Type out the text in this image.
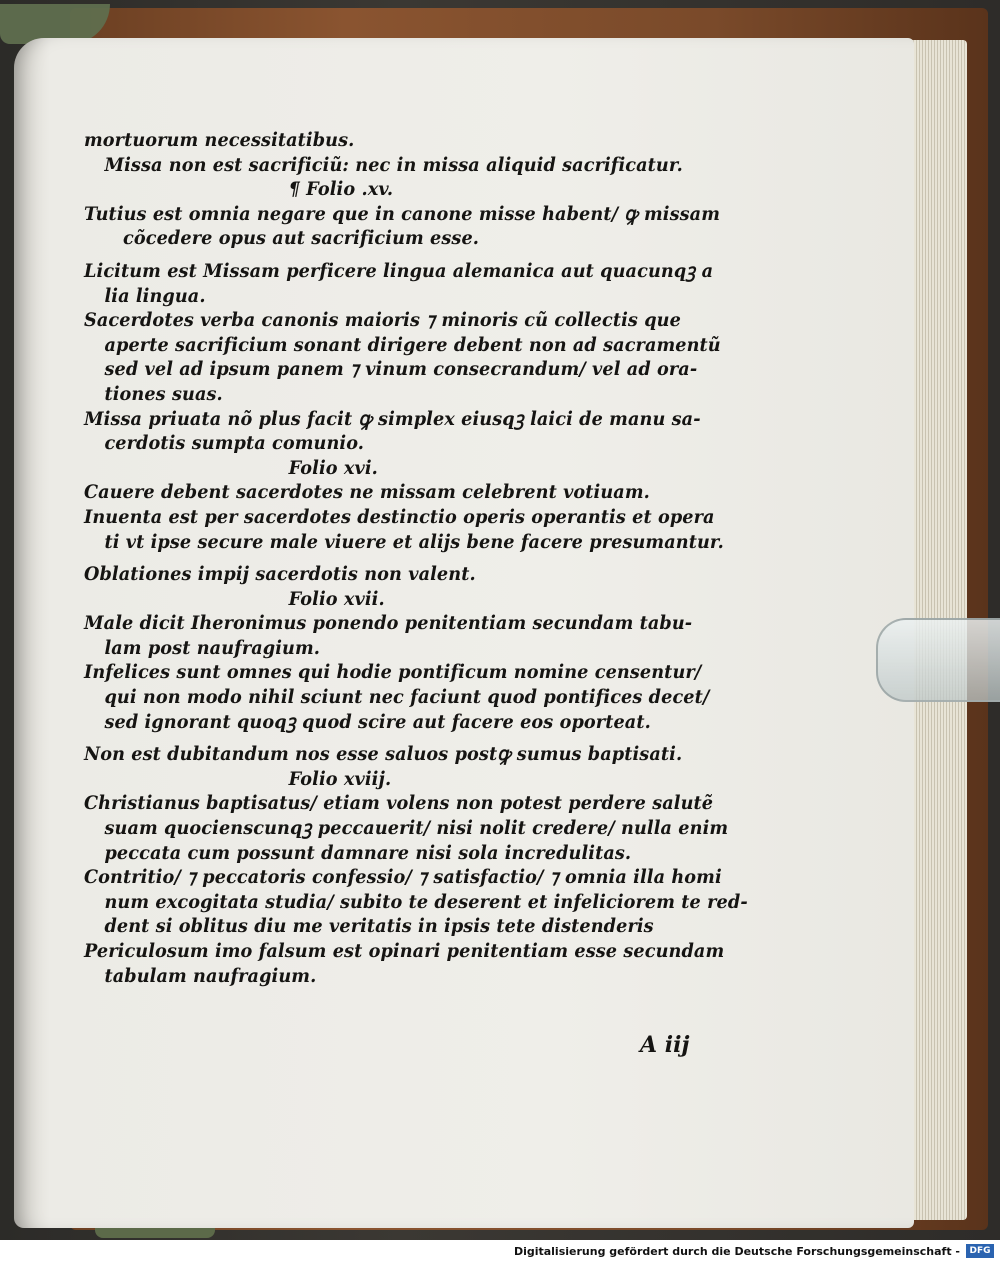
mortuorum necessitatibus.
Missa non est sacrificiũ: nec in missa aliquid sacrificatur.
¶ Folio .xv.
Tutius est omnia negare que in canone misse habent/ ꝙ missam
cõcedere opus aut sacrificium esse.
Licitum est Missam perficere lingua alemanica aut quacunqꝫ a
lia lingua.
Sacerdotes verba canonis maioris ⁊ minoris cũ collectis que
aperte sacrificium sonant dirigere debent non ad sacramentũ
sed vel ad ipsum panem ⁊ vinum consecrandum/ vel ad ora-
tiones suas.
Missa priuata nõ plus facit ꝙ simplex eiusqꝫ laici de manu sa-
cerdotis sumpta comunio.
Folio xvi.
Cauere debent sacerdotes ne missam celebrent votiuam.
Inuenta est per sacerdotes destinctio operis operantis et opera
ti vt ipse secure male viuere et alijs bene facere presumantur.
Oblationes impij sacerdotis non valent.
Folio xvii.
Male dicit Iheronimus ponendo penitentiam secundam tabu-
lam post naufragium.
Infelices sunt omnes qui hodie pontificum nomine censentur/
qui non modo nihil sciunt nec faciunt quod pontifices decet/
sed ignorant quoqꝫ quod scire aut facere eos oporteat.
Non est dubitandum nos esse saluos postꝙ sumus baptisati.
Folio xviij.
Christianus baptisatus/ etiam volens non potest perdere salutẽ
suam quocienscunqꝫ peccauerit/ nisi nolit credere/ nulla enim
peccata cum possunt damnare nisi sola incredulitas.
Contritio/ ⁊ peccatoris confessio/ ⁊ satisfactio/ ⁊ omnia illa homi
num excogitata studia/ subito te deserent et infeliciorem te red-
dent si oblitus diu me veritatis in ipsis tete distenderis
Periculosum imo falsum est opinari penitentiam esse secundam
tabulam naufragium.
A iij
Digitalisierung gefördert durch die Deutsche Forschungsgemeinschaft -	DFG
